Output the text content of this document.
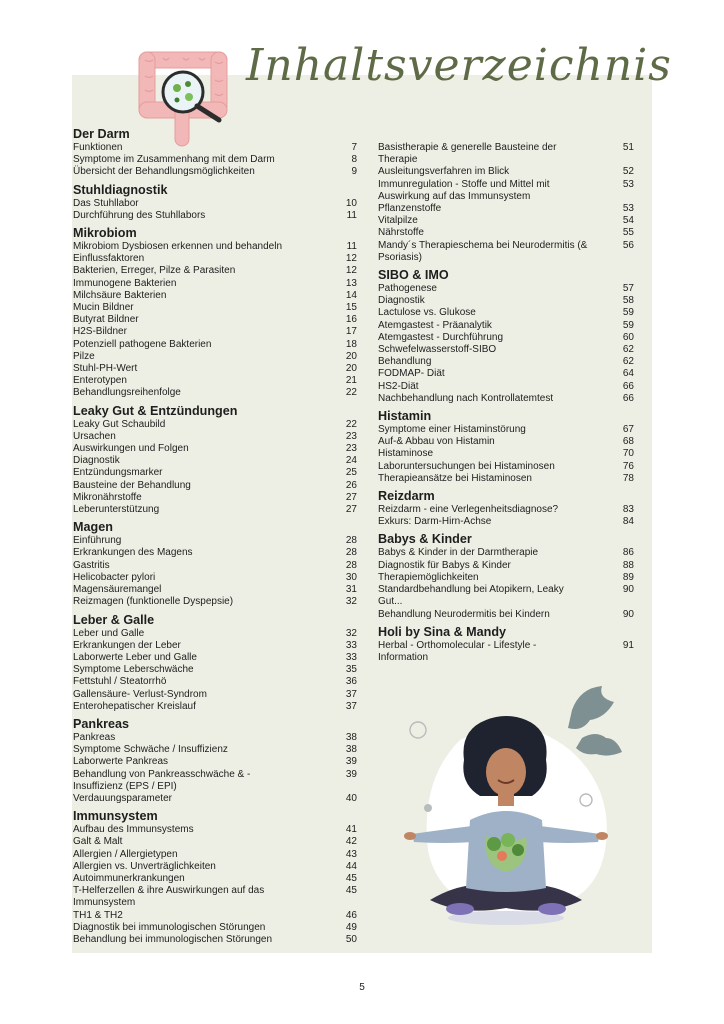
Inhaltsverzeichnis
Der Darm
Funktionen	7
Symptome im Zusammenhang mit dem Darm	8
Übersicht der Behandlungsmöglichkeiten	9
Stuhldiagnostik
Das Stuhllabor	10
Durchführung des Stuhllabors	11
Mikrobiom
Mikrobiom Dysbiosen erkennen und behandeln	11
Einflussfaktoren	12
Bakterien, Erreger, Pilze & Parasiten	12
Immunogene Bakterien	13
Milchsäure Bakterien	14
Mucin Bildner	15
Butyrat Bildner	16
H2S-Bildner	17
Potenziell pathogene Bakterien	18
Pilze	20
Stuhl-PH-Wert	20
Enterotypen	21
Behandlungsreihenfolge	22
Leaky Gut & Entzündungen
Leaky Gut Schaubild	22
Ursachen	23
Auswirkungen und Folgen	23
Diagnostik	24
Entzündungsmarker	25
Bausteine der Behandlung	26
Mikronährstoffe	27
Leberunterstützung	27
Magen
Einführung	28
Erkrankungen des Magens	28
Gastritis	28
Helicobacter pylori	30
Magensäuremangel	31
Reizmagen (funktionelle Dyspepsie)	32
Leber & Galle
Leber und Galle	32
Erkrankungen der Leber	33
Laborwerte Leber und Galle	33
Symptome Leberschwäche	35
Fettstuhl / Steatorrhö	36
Gallensäure- Verlust-Syndrom	37
Enterohepatischer Kreislauf	37
Pankreas
Pankreas	38
Symptome Schwäche / Insuffizienz	38
Laborwerte Pankreas	39
Behandlung von Pankreasschwäche & -Insuffizienz (EPS / EPI)
39
Verdauungsparameter	40
Immunsystem
Aufbau des Immunsystems	41
Galt & Malt	42
Allergien / Allergietypen	43
Allergien vs. Unverträglichkeiten	44
Autoimmunerkrankungen	45
T-Helferzellen & ihre Auswirkungen auf das Immunsystem
45
TH1 & TH2	46
Diagnostik bei immunologischen Störungen	49
Behandlung bei immunologischen Störungen	50
Basistherapie & generelle Bausteine der Therapie
51
Ausleitungsverfahren im Blick	52
Immunregulation - Stoffe und Mittel mit Auswirkung auf das Immunsystem
53
Pflanzenstoffe	53
Vitalpilze	54
Nährstoffe	55
Mandy´s Therapieschema bei Neurodermitis (& Psoriasis)
56
SIBO & IMO
Pathogenese	57
Diagnostik	58
Lactulose vs. Glukose	59
Atemgastest - Präanalytik	59
Atemgastest - Durchführung	60
Schwefelwasserstoff-SIBO	62
Behandlung	62
FODMAP- Diät	64
HS2-Diät	66
Nachbehandlung nach Kontrollatemtest	66
Histamin
Symptome einer Histaminstörung	67
Auf-& Abbau von Histamin	68
Histaminose	70
Laboruntersuchungen bei Histaminosen	76
Therapieansätze bei Histaminosen	78
Reizdarm
Reizdarm - eine Verlegenheitsdiagnose?	83
Exkurs: Darm-Hirn-Achse	84
Babys & Kinder
Babys & Kinder in der Darmtherapie	86
Diagnostik für Babys & Kinder	88
Therapiemöglichkeiten	89
Standardbehandlung bei Atopikern, Leaky Gut...
90
Behandlung Neurodermitis bei Kindern	90
Holi by Sina & Mandy
Herbal - Orthomolecular - Lifestyle - Information
91
5
